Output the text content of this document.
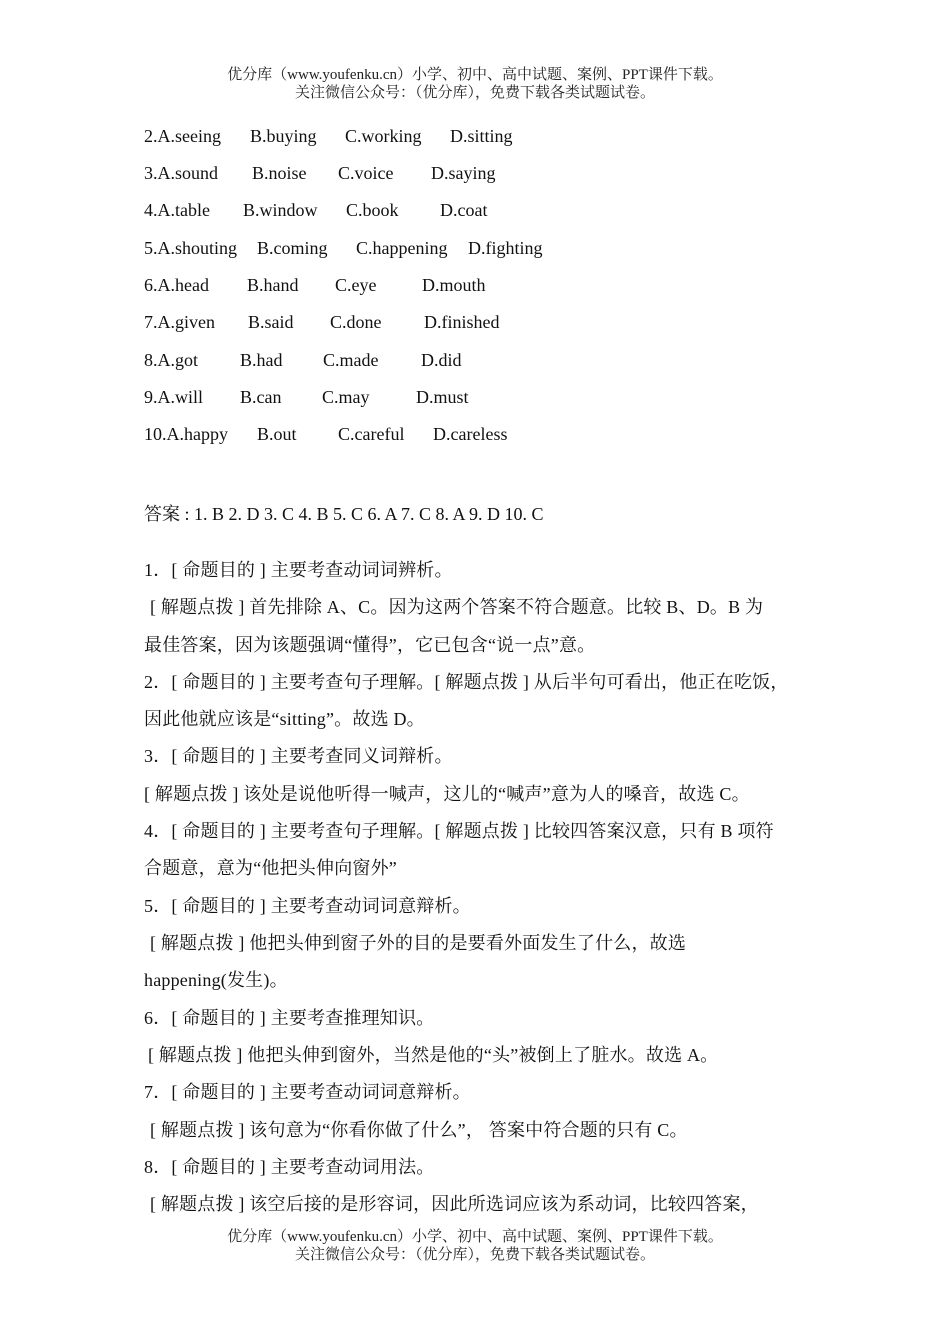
优分库（www.youfenku.cn）小学、初中、高中试题、案例、PPT课件下载。
关注微信公众号：（优分库），免费下载各类试题试卷。
2.A.seeing B.buying C.working D.sitting
3.A.sound B.noise C.voice D.saying
4.A.table B.window C.book D.coat
5.A.shouting B.coming C.happening D.fighting
6.A.head B.hand C.eye	D.mouth
7.A.given B.said C.done D.finished
8.A.got B.had C.made D.did
9.A.will B.can C.may	D.must
10.A.happy B.out C.careful D.careless
答案 : 1. B 2. D 3. C 4. B 5. C 6. A 7. C 8. A 9. D 10. C
1．[ 命题目的 ] 主要考查动词词辨析。
[ 解题点拨 ] 首先排除 A、C。因为这两个答案不符合题意。比较 B、D。B 为
最佳答案，因为该题强调“懂得”，它已包含“说一点”意。
2．[ 命题目的 ] 主要考查句子理解。[ 解题点拨 ] 从后半句可看出，他正在吃饭，
因此他就应该是“sitting”。故选 D。
3．[ 命题目的 ] 主要考查同义词辩析。
[ 解题点拨 ] 该处是说他听得一喊声，这儿的“喊声”意为人的嗓音，故选 C。
4．[ 命题目的 ] 主要考查句子理解。[ 解题点拨 ] 比较四答案汉意，只有 B 项符
合题意，意为“他把头伸向窗外”
5．[ 命题目的 ] 主要考查动词词意辩析。
[ 解题点拨 ] 他把头伸到窗子外的目的是要看外面发生了什么，故选
happening(发生)。
6．[ 命题目的 ] 主要考查推理知识。
[ 解题点拨 ] 他把头伸到窗外，当然是他的“头”被倒上了脏水。故选 A。
7．[ 命题目的 ] 主要考查动词词意辩析。
[ 解题点拨 ] 该句意为“你看你做了什么”， 答案中符合题的只有 C。
8．[ 命题目的 ] 主要考查动词用法。
[ 解题点拨 ] 该空后接的是形容词，因此所选词应该为系动词，比较四答案，
优分库（www.youfenku.cn）小学、初中、高中试题、案例、PPT课件下载。
关注微信公众号：（优分库），免费下载各类试题试卷。
